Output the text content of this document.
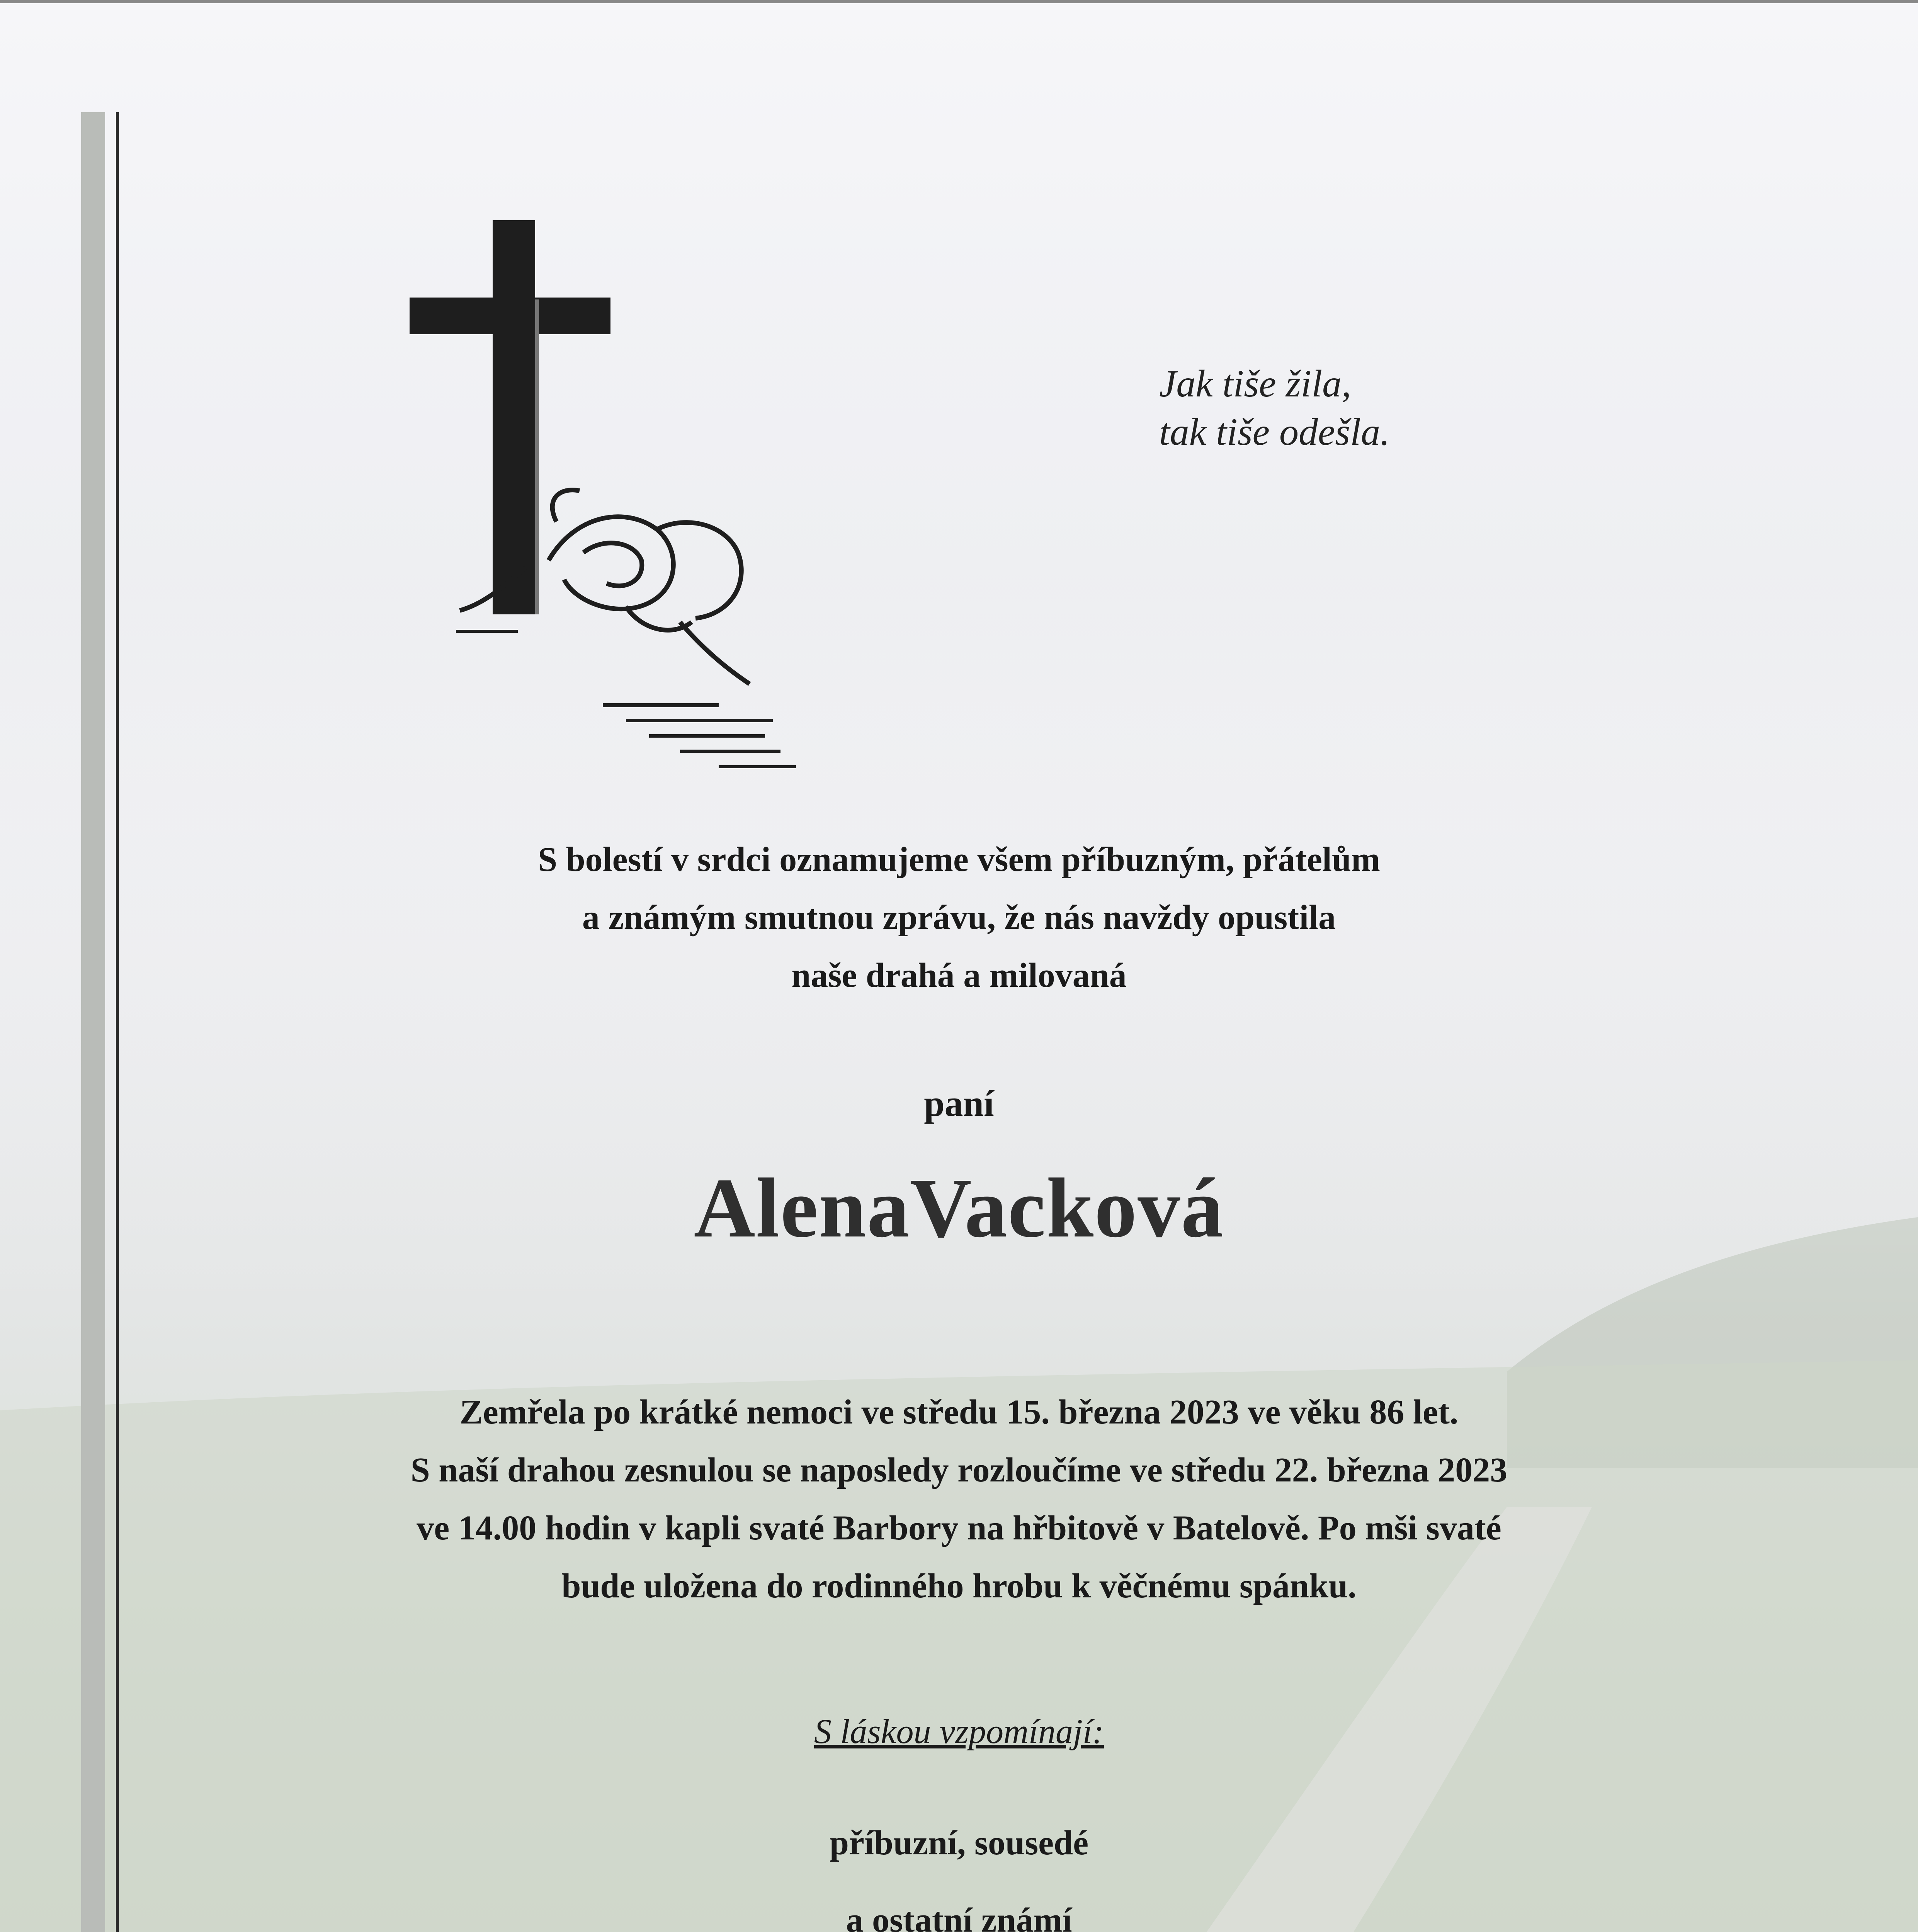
Jak tiše žila,

tak tiše odešla.

S bolestí v srdci oznamujeme všem příbuzným, přátelům

a známým smutnou zprávu, že nás navždy opustila

naše drahá a milovaná

paní

AlenaVacková

Zemřela po krátké nemoci ve středu 15. března 2023 ve věku 86 let.

S naší drahou zesnulou se naposledy rozloučíme ve středu 22. března 2023

ve 14.00 hodin v kapli svaté Barbory na hřbitově v Batelově. Po mši svaté

bude uložena do rodinného hrobu k věčnému spánku.

S láskou vzpomínají:

příbuzní, sousedé

a ostatní známí
